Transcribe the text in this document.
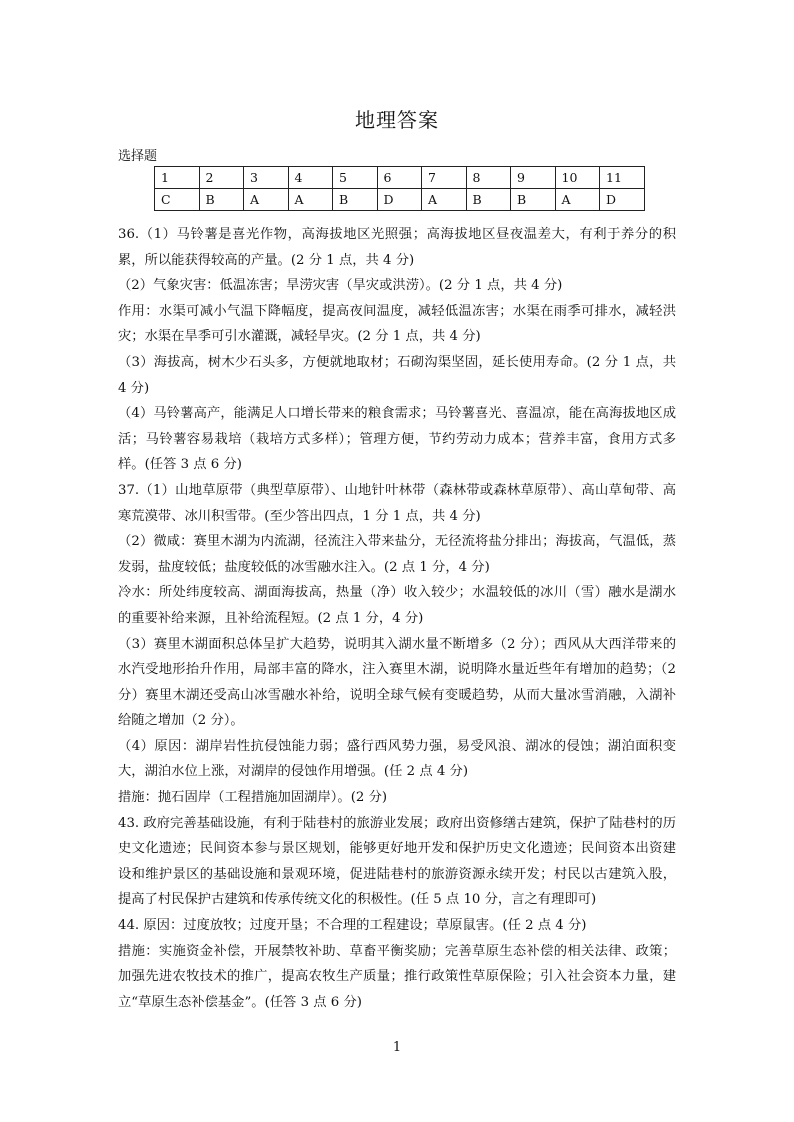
地理答案
选择题
1	2	3	4	5	6	7	8	9	10	11
C	B	A	A	B	D	A	B	B	A	D

36.（1）马铃薯是喜光作物，高海拔地区光照强；高海拔地区昼夜温差大，有利于养分的积累，所以能获得较高的产量。(2 分 1 点，共 4 分)

（2）气象灾害：低温冻害；旱涝灾害（旱灾或洪涝）。(2 分 1 点，共 4 分)

作用：水渠可减小气温下降幅度，提高夜间温度，减轻低温冻害；水渠在雨季可排水，减轻洪灾；水渠在旱季可引水灌溉，减轻旱灾。(2 分 1 点，共 4 分)

（3）海拔高，树木少石头多，方便就地取材；石砌沟渠坚固，延长使用寿命。(2 分 1 点，共 4 分)

（4）马铃薯高产，能满足人口增长带来的粮食需求；马铃薯喜光、喜温凉，能在高海拔地区成活；马铃薯容易栽培（栽培方式多样）；管理方便，节约劳动力成本；营养丰富，食用方式多样。(任答 3 点 6 分)

37.（1）山地草原带（典型草原带）、山地针叶林带（森林带或森林草原带）、高山草甸带、高寒荒漠带、冰川积雪带。(至少答出四点，1 分 1 点，共 4 分)

（2）微咸：赛里木湖为内流湖，径流注入带来盐分，无径流将盐分排出；海拔高，气温低，蒸发弱，盐度较低；盐度较低的冰雪融水注入。(2 点 1 分，4 分)

冷水：所处纬度较高、湖面海拔高，热量（净）收入较少；水温较低的冰川（雪）融水是湖水的重要补给来源，且补给流程短。(2 点 1 分，4 分)

（3）赛里木湖面积总体呈扩大趋势，说明其入湖水量不断增多（2 分）；西风从大西洋带来的水汽受地形抬升作用，局部丰富的降水，注入赛里木湖，说明降水量近些年有增加的趋势；（2 分）赛里木湖还受高山冰雪融水补给，说明全球气候有变暖趋势，从而大量冰雪消融，入湖补给随之增加（2 分）。

（4）原因：湖岸岩性抗侵蚀能力弱；盛行西风势力强，易受风浪、湖冰的侵蚀；湖泊面积变大，湖泊水位上涨，对湖岸的侵蚀作用增强。(任 2 点 4 分)

措施：抛石固岸（工程措施加固湖岸）。(2 分)

43. 政府完善基础设施，有利于陆巷村的旅游业发展；政府出资修缮古建筑，保护了陆巷村的历史文化遗迹；民间资本参与景区规划，能够更好地开发和保护历史文化遗迹；民间资本出资建设和维护景区的基础设施和景观环境，促进陆巷村的旅游资源永续开发；村民以古建筑入股，提高了村民保护古建筑和传承传统文化的积极性。(任 5 点 10 分，言之有理即可)

44. 原因：过度放牧；过度开垦；不合理的工程建设；草原鼠害。(任 2 点 4 分)

措施：实施资金补偿，开展禁牧补助、草畜平衡奖励；完善草原生态补偿的相关法律、政策；加强先进农牧技术的推广，提高农牧生产质量；推行政策性草原保险；引入社会资本力量，建立“草原生态补偿基金”。(任答 3 点 6 分)

1
